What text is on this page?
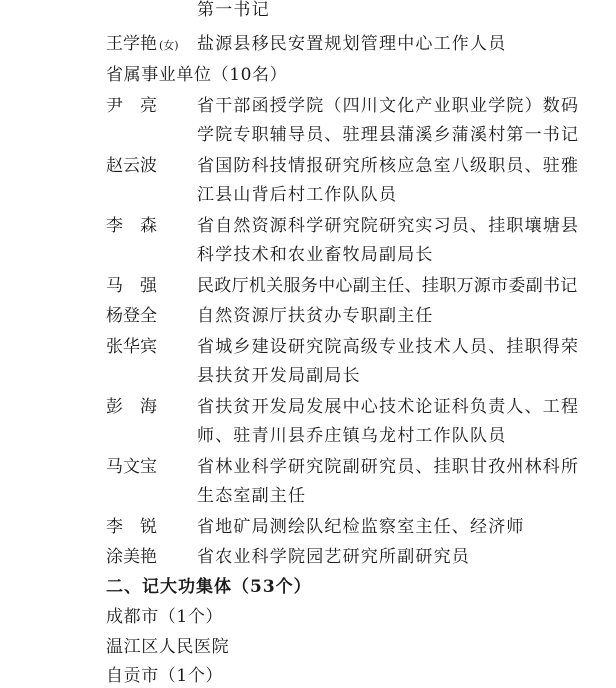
第一书记
王学艳 (女) 盐源县移民安置规划管理中心工作人员
省属事业单位（10名）
尹亮 省干部函授学院（四川文化产业职业学院）数码
学院专职辅导员、驻理县蒲溪乡蒲溪村第一书记
赵云波 省国防科技情报研究所核应急室八级职员、驻雅
江县山背后村工作队队员
李森 省自然资源科学研究院研究实习员、挂职壤塘县
科学技术和农业畜牧局副局长
马强 民政厅机关服务中心副主任、挂职万源市委副书记
杨登全 自然资源厅扶贫办专职副主任
张华宾 省城乡建设研究院高级专业技术人员、挂职得荣
县扶贫开发局副局长
彭海 省扶贫开发局发展中心技术论证科负责人、工程
师、驻青川县乔庄镇乌龙村工作队队员
马文宝 省林业科学研究院副研究员、挂职甘孜州林科所
生态室副主任
李锐 省地矿局测绘队纪检监察室主任、经济师
涂美艳 省农业科学院园艺研究所副研究员
二、记大功集体（53个）
成都市（1个）
温江区人民医院
自贡市（1个）
